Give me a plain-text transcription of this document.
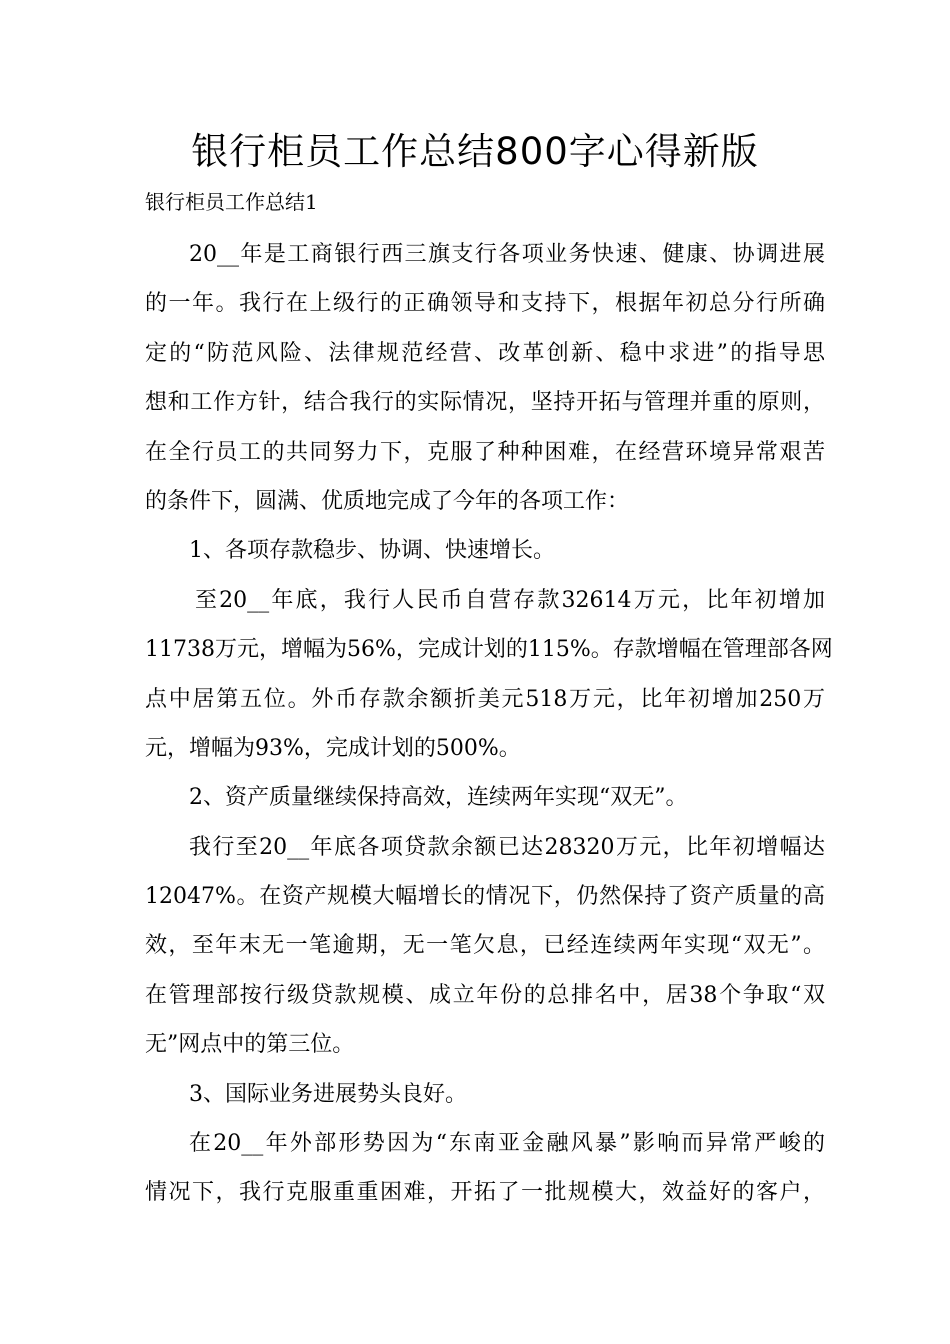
银行柜员工作总结800字心得新版
银行柜员工作总结1
20__年是工商银行西三旗支行各项业务快速、健康、协调进展
的一年。我行在上级行的正确领导和支持下，根据年初总分行所确
定的“防范风险、法律规范经营、改革创新、稳中求进”的指导思
想和工作方针，结合我行的实际情况，坚持开拓与管理并重的原则，
在全行员工的共同努力下，克服了种种困难，在经营环境异常艰苦
的条件下，圆满、优质地完成了今年的各项工作：
1、各项存款稳步、协调、快速增长。
至20__年底，我行人民币自营存款32614万元，比年初增加
11738万元，增幅为56%，完成计划的115%。存款增幅在管理部各网
点中居第五位。外币存款余额折美元518万元，比年初增加250万
元，增幅为93%，完成计划的500%。
2、资产质量继续保持高效，连续两年实现“双无”。
我行至20__年底各项贷款余额已达28320万元，比年初增幅达
12047%。在资产规模大幅增长的情况下，仍然保持了资产质量的高
效，至年末无一笔逾期，无一笔欠息，已经连续两年实现“双无”。
在管理部按行级贷款规模、成立年份的总排名中，居38个争取“双
无”网点中的第三位。
3、国际业务进展势头良好。
在20__年外部形势因为“东南亚金融风暴”影响而异常严峻的
情况下，我行克服重重困难，开拓了一批规模大，效益好的客户，
